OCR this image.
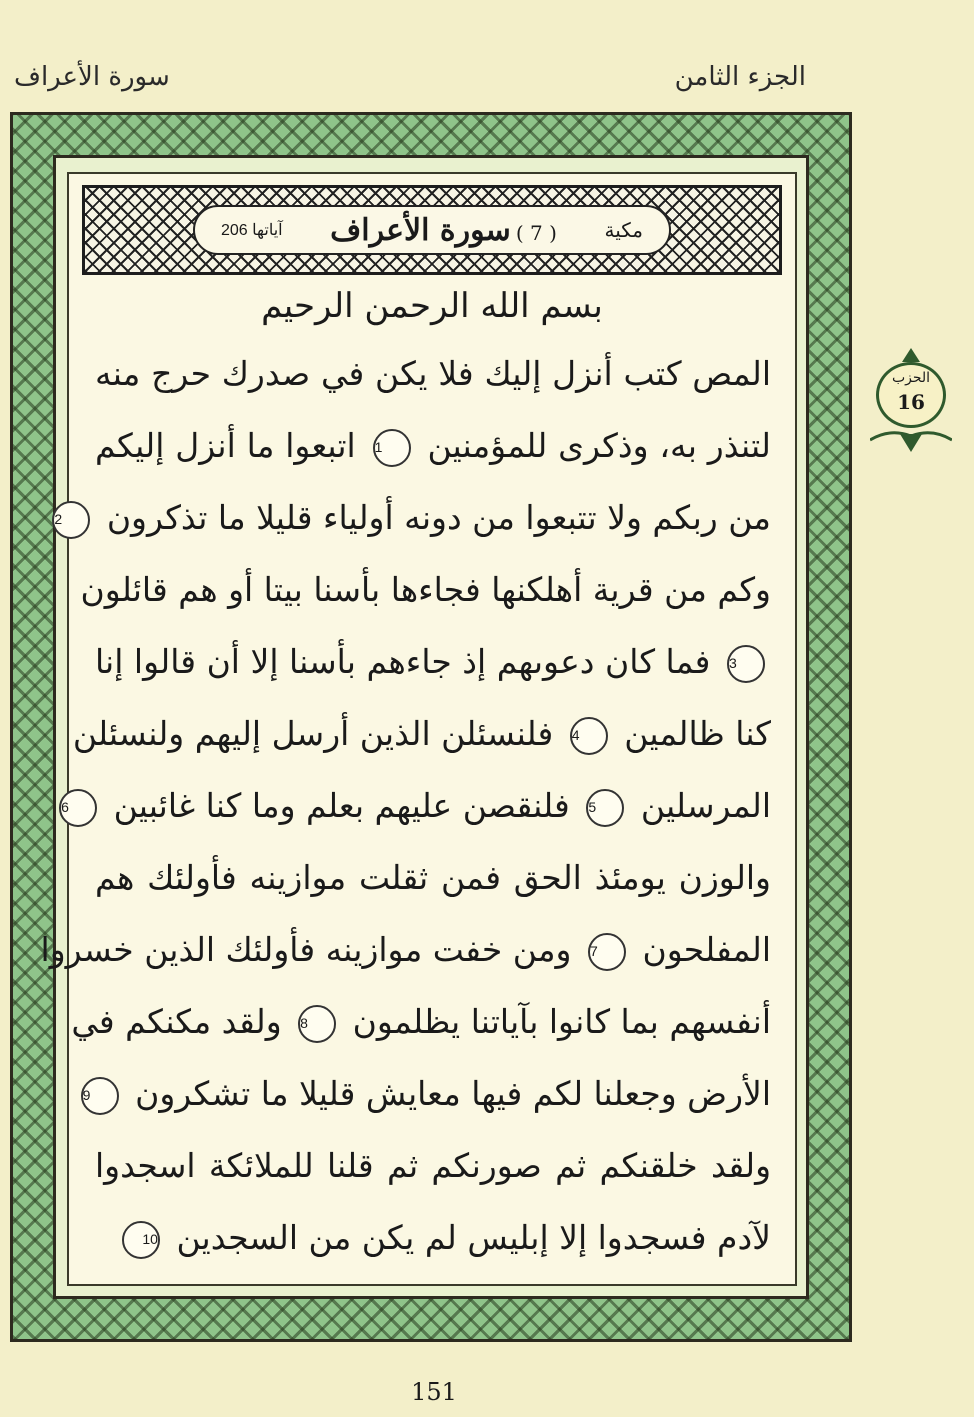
سورة الأعراف	الجزء الثامن
مكية
( 7 ) سورة الأعراف
آياتها 206
بسم الله الرحمن الرحيم
المص كتب أنزل إليك فلا يكن في صدرك حرج منه
لتنذر به، وذكرى للمؤمنين 1 اتبعوا ما أنزل إليكم
من ربكم ولا تتبعوا من دونه أولياء قليلا ما تذكرون 2
وكم من قرية أهلكنها فجاءها بأسنا بيتا أو هم قائلون
3 فما كان دعوىهم إذ جاءهم بأسنا إلا أن قالوا إنا
كنا ظالمين 4 فلنسئلن الذين أرسل إليهم ولنسئلن
المرسلين 5 فلنقصن عليهم بعلم وما كنا غائبين 6
والوزن يومئذ الحق فمن ثقلت موازينه فأولئك هم
المفلحون 7 ومن خفت موازينه فأولئك الذين خسروا
أنفسهم بما كانوا بآياتنا يظلمون 8 ولقد مكنكم في
الأرض وجعلنا لكم فيها معايش قليلا ما تشكرون 9
ولقد خلقنكم ثم صورنكم ثم قلنا للملائكة اسجدوا
لآدم فسجدوا إلا إبليس لم يكن من السجدين 10
الحزب
16
151
